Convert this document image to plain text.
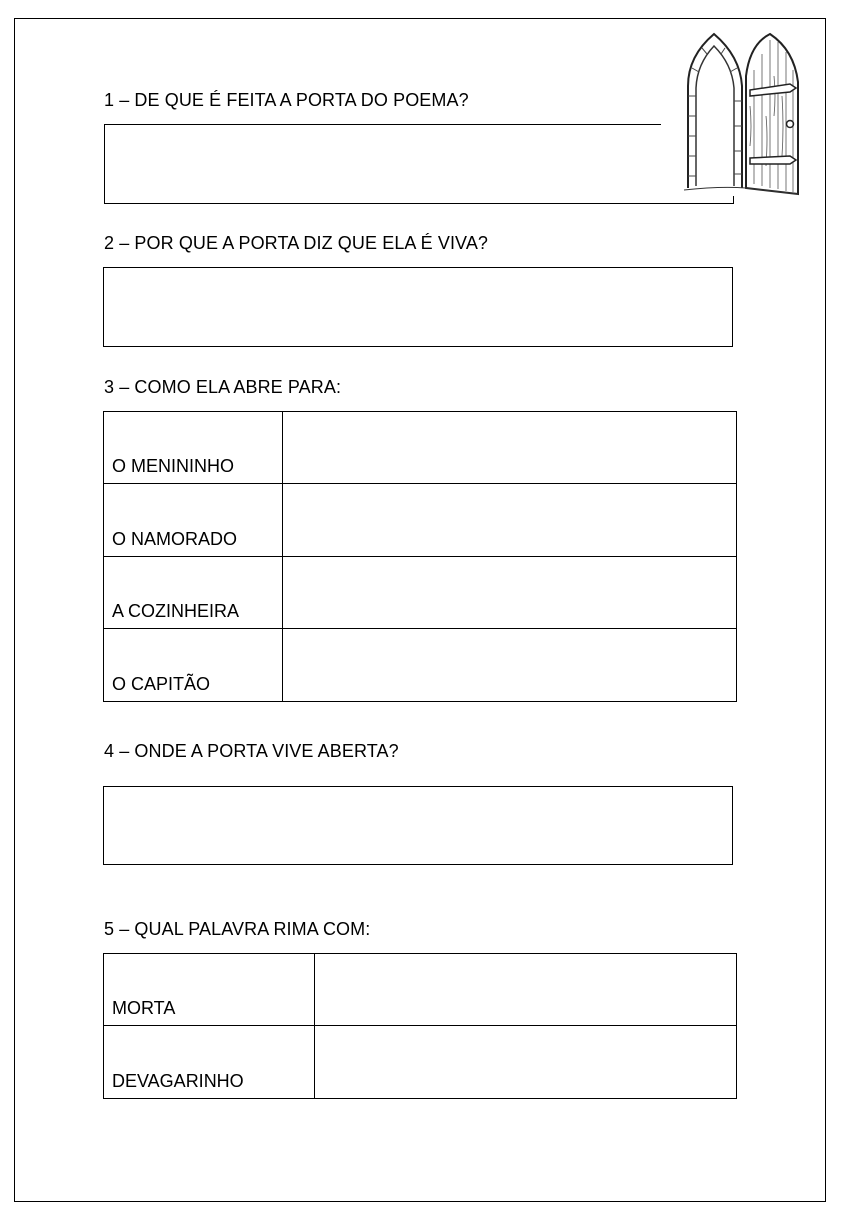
1 – DE QUE É FEITA A PORTA DO POEMA?
2 – POR QUE A PORTA DIZ QUE ELA É VIVA?
3 – COMO ELA ABRE PARA:
O MENININHO	
O NAMORADO	
A COZINHEIRA	
O CAPITÃO	
4 – ONDE A PORTA VIVE ABERTA?
5 – QUAL PALAVRA RIMA COM:
MORTA	
DEVAGARINHO	
